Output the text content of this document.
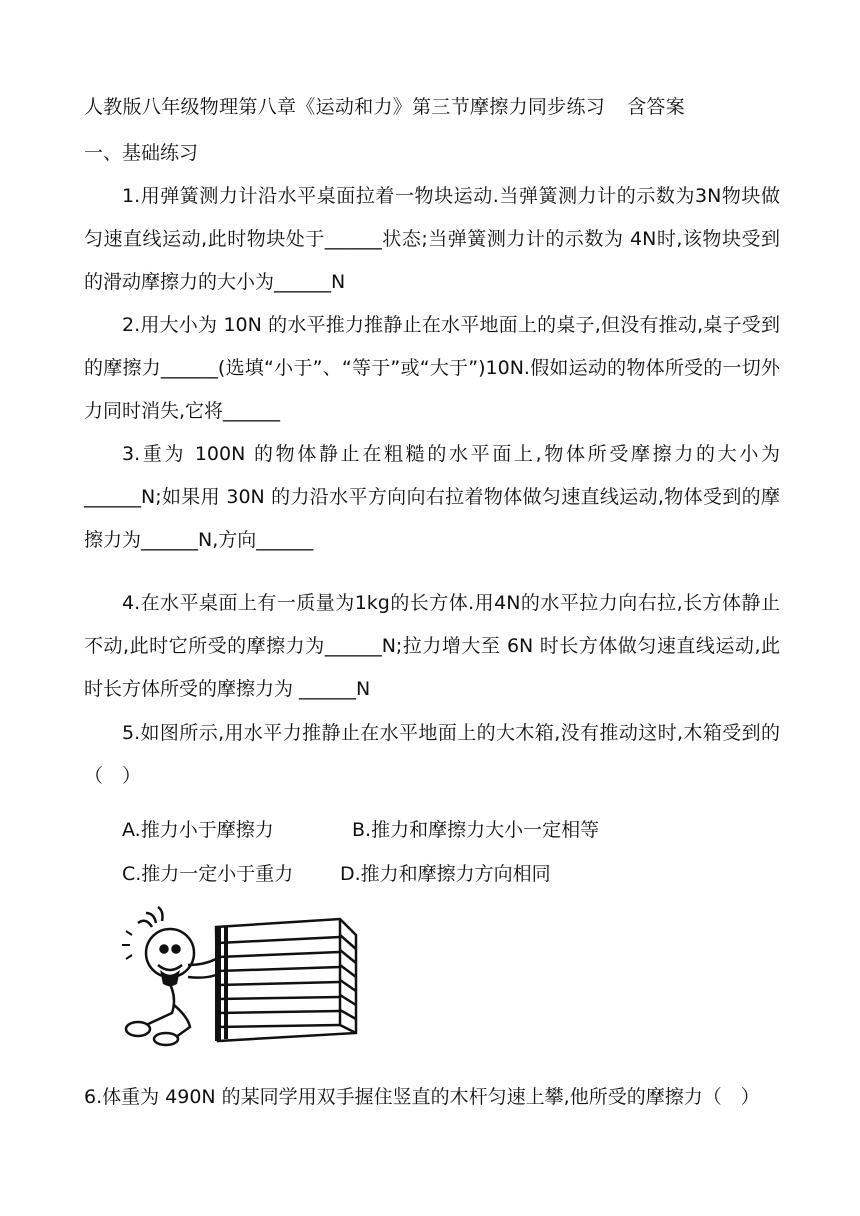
人教版八年级物理第八章《运动和力》第三节摩擦力同步练习 含答案
一、基础练习
1.用弹簧测力计沿水平桌面拉着一物块运动.当弹簧测力计的示数为3N物块做匀速直线运动,此时物块处于______状态;当弹簧测力计的示数为 4N时,该物块受到的滑动摩擦力的大小为______N
2.用大小为 10N 的水平推力推静止在水平地面上的桌子,但没有推动,桌子受到的摩擦力______(选填“小于”、“等于”或“大于”)10N.假如运动的物体所受的一切外力同时消失,它将______
3.重为 100N 的物体静止在粗糙的水平面上,物体所受摩擦力的大小为______N;如果用 30N 的力沿水平方向向右拉着物体做匀速直线运动,物体受到的摩擦力为______N,方向______
4.在水平桌面上有一质量为1kg的长方体.用4N的水平拉力向右拉,长方体静止不动,此时它所受的摩擦力为______N;拉力增大至 6N 时长方体做匀速直线运动,此时长方体所受的摩擦力为 ______N
5.如图所示,用水平力推静止在水平地面上的大木箱,没有推动这时,木箱受到的（　）
A.推力小于摩擦力	B.推力和摩擦力大小一定相等
C.推力一定小于重力 D.推力和摩擦力方向相同
6.体重为 490N 的某同学用双手握住竖直的木杆匀速上攀,他所受的摩擦力（　）
